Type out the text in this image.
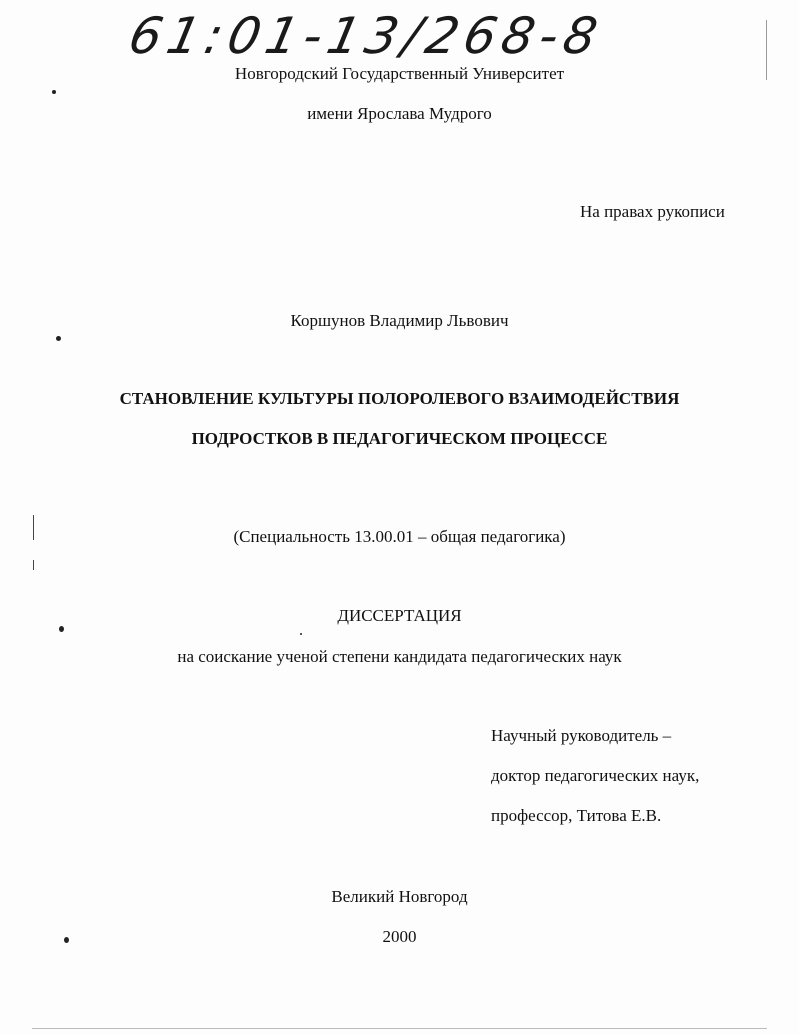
61:01-13/268-8
Новгородский Государственный Университет
имени Ярослава Мудрого
На правах рукописи
Коршунов Владимир Львович
СТАНОВЛЕНИЕ КУЛЬТУРЫ ПОЛОРОЛЕВОГО ВЗАИМОДЕЙСТВИЯ
ПОДРОСТКОВ В ПЕДАГОГИЧЕСКОМ ПРОЦЕССЕ
(Специальность 13.00.01 – общая педагогика)
ДИССЕРТАЦИЯ
на соискание ученой степени кандидата педагогических наук
Научный руководитель –
доктор педагогических наук,
профессор, Титова Е.В.
Великий Новгород
2000
